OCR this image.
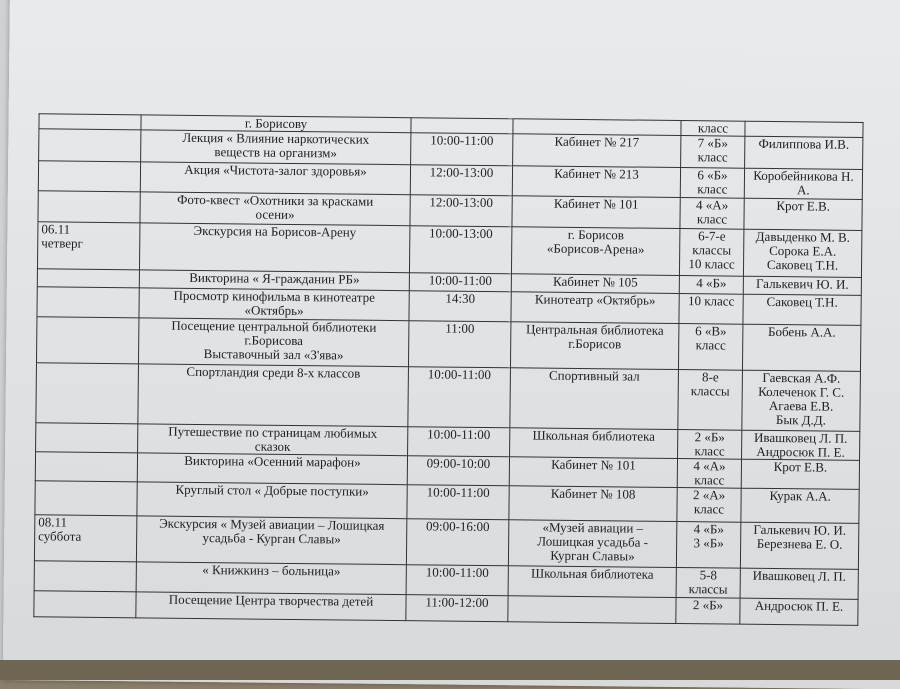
	г. Борисову			класс	

	Лекция « Влияние наркотических
веществ на организм»	10:00-11:00	Кабинет № 217	7 «Б»
класс	Филиппова И.В.

	Акция «Чистота-залог здоровья»	12:00-13:00	Кабинет № 213	6 «Б»
класс	Коробейникова Н.
А.

	Фото-квест «Охотники за красками
осени»	12:00-13:00	Кабинет № 101	4 «А»
класс	Крот Е.В.

06.11
четверг	Экскурсия на Борисов-Арену	10:00-13:00	г. Борисов
«Борисов-Арена»	6-7-е
классы
10 класс	Давыденко М. В.
Сорока Е.А.
Саковец Т.Н.

	Викторина « Я-гражданин РБ»	10:00-11:00	Кабинет № 105	4 «Б»	Галькевич Ю. И.

	Просмотр кинофильма в кинотеатре
«Октябрь»	14:30	Кинотеатр «Октябрь»	10 класс	Саковец Т.Н.

	Посещение центральной библиотеки
г.Борисова
Выставочный зал «З'ява»	11:00	Центральная библиотека
г.Борисов	6 «В»
класс	Бобень А.А.

	Спортландия среди 8-х классов	10:00-11:00	Спортивный зал	8-е
классы	Гаевская А.Ф.
Колеченок Г. С.
Агаева Е.В.
Бык Д.Д.

	Путешествие по страницам любимых
сказок	10:00-11:00	Школьная библиотека	2 «Б»
класс	Ивашковец Л. П.
Андросюк П. Е.

	Викторина «Осенний марафон»	09:00-10:00	Кабинет № 101	4 «А»
класс	Крот Е.В.

	Круглый стол « Добрые поступки»	10:00-11:00	Кабинет № 108	2 «А»
класс	Курак А.А.

08.11
суббота	Экскурсия « Музей авиации – Лошицкая
усадьба - Курган Славы»	09:00-16:00	«Музей авиации –
Лошицкая усадьба -
Курган Славы»	4 «Б»
3 «Б»	Галькевич Ю. И.
Березнева Е. О.

	« Книжкинз – больница»	10:00-11:00	Школьная библиотека	5-8
классы	Ивашковец Л. П.

	Посещение Центра творчества детей	11:00-12:00		2 «Б»	Андросюк П. Е.
